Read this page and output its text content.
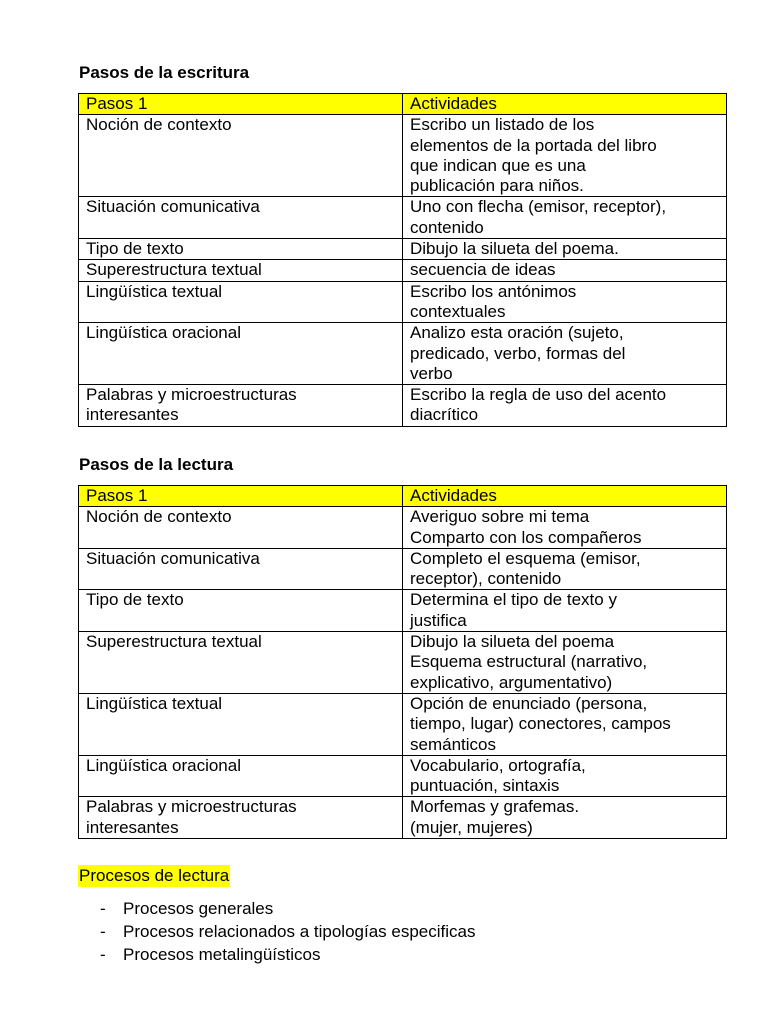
Pasos de la escritura
Pasos 1	Actividades

Noción de contexto	Escribo un listado de los
elementos de la portada del libro
que indican que es una
publicación para niños.

Situación comunicativa	Uno con flecha (emisor, receptor),
contenido

Tipo de texto	Dibujo la silueta del poema.

Superestructura textual	secuencia de ideas

Lingüística textual	Escribo los antónimos
contextuales

Lingüística oracional	Analizo esta oración (sujeto,
predicado, verbo, formas del
verbo

Palabras y microestructuras
interesantes	Escribo la regla de uso del acento
diacrítico
Pasos de la lectura
Pasos 1	Actividades

Noción de contexto	Averiguo sobre mi tema
Comparto con los compañeros

Situación comunicativa	Completo el esquema (emisor,
receptor), contenido

Tipo de texto	Determina el tipo de texto y
justifica

Superestructura textual	Dibujo la silueta del poema
Esquema estructural (narrativo,
explicativo, argumentativo)

Lingüística textual	Opción de enunciado (persona,
tiempo, lugar) conectores, campos
semánticos

Lingüística oracional	Vocabulario, ortografía,
puntuación, sintaxis

Palabras y microestructuras
interesantes	Morfemas y grafemas.
(mujer, mujeres)
Procesos de lectura
- Procesos generales
- Procesos relacionados a tipologías especificas
- Procesos metalingüísticos
